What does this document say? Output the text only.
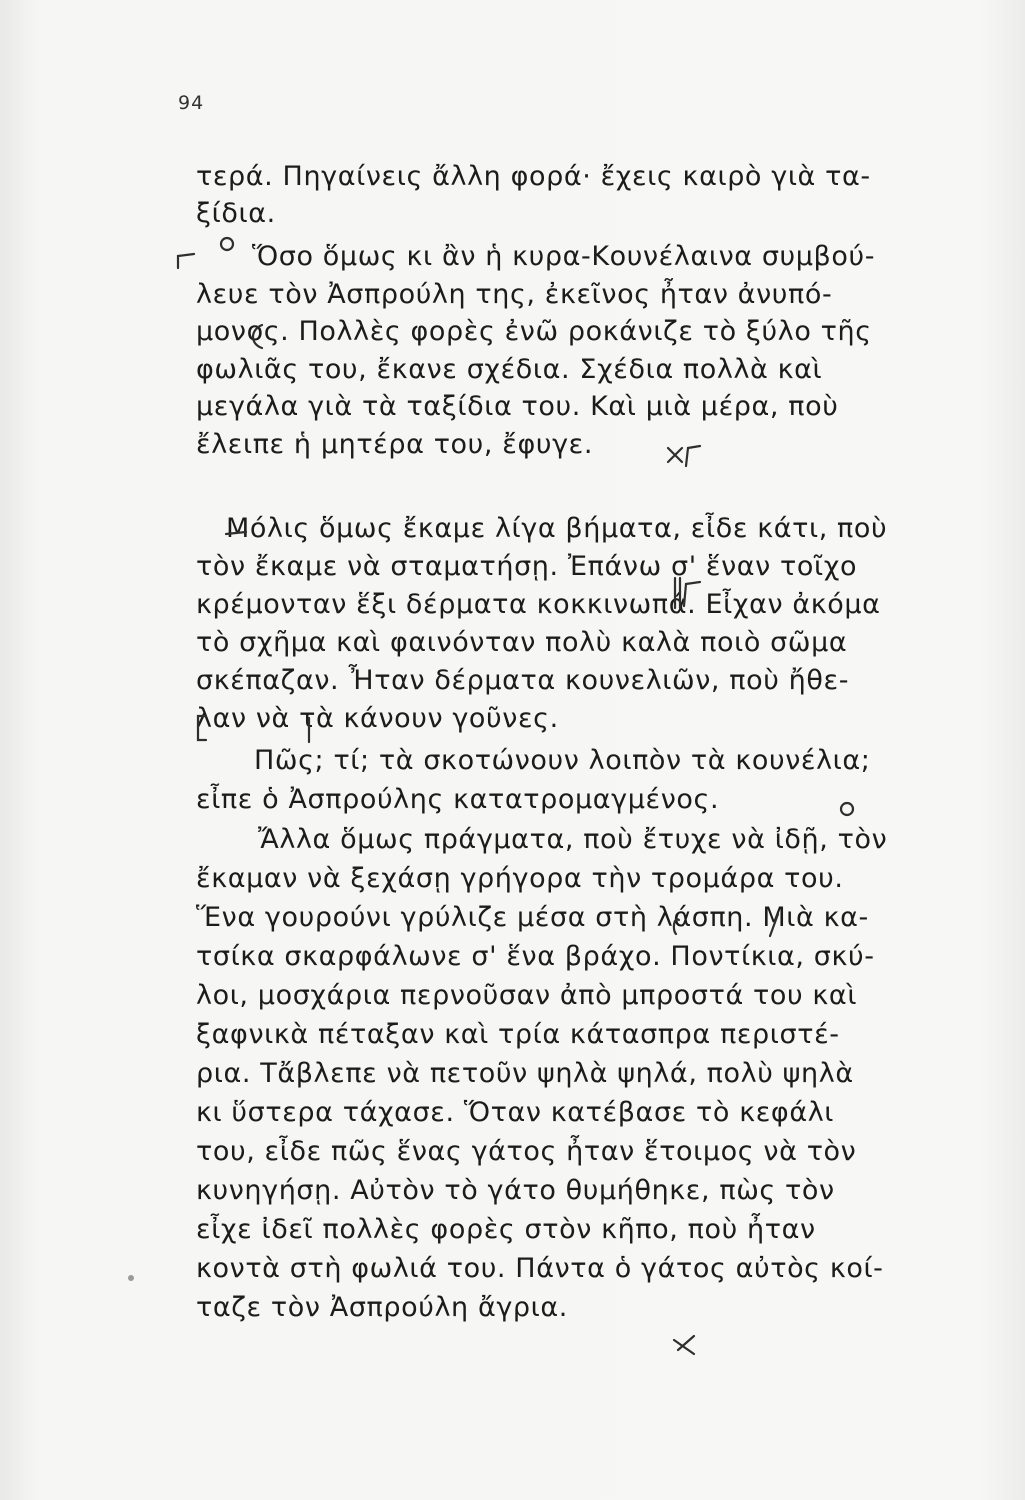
94
τερά. Πηγαίνεις ἄλλη φορά· ἔχεις καιρὸ γιὰ τα-
ξίδια.
Ὅσο ὅμως κι ἂν ἡ κυρα-Κουνέλαινα συμβού-
λευε τὸν Ἀσπρούλη της, ἐκεῖνος ἦταν ἀνυπό-
μονος. Πολλὲς φορὲς ἐνῶ ροκάνιζε τὸ ξύλο τῆς
φωλιᾶς του, ἔκανε σχέδια. Σχέδια πολλὰ καὶ
μεγάλα γιὰ τὰ ταξίδια του. Καὶ μιὰ μέρα, ποὺ
ἔλειπε ἡ μητέρα του, ἔφυγε.
Μόλις ὅμως ἔκαμε λίγα βήματα, εἶδε κάτι, ποὺ
τὸν ἔκαμε νὰ σταματήσῃ. Ἐπάνω σ' ἕναν τοῖχο
κρέμονταν ἕξι δέρματα κοκκινωπά. Εἶχαν ἀκόμα
τὸ σχῆμα καὶ φαινόνταν πολὺ καλὰ ποιὸ σῶμα
σκέπαζαν. Ἦταν δέρματα κουνελιῶν, ποὺ ἤθε-
λαν νὰ τὰ κάνουν γοῦνες.
Πῶς; τί; τὰ σκοτώνουν λοιπὸν τὰ κουνέλια;
εἶπε ὁ Ἀσπρούλης κατατρομαγμένος.
Ἄλλα ὅμως πράγματα, ποὺ ἔτυχε νὰ ἰδῇ, τὸν
ἔκαμαν νὰ ξεχάσῃ γρήγορα τὴν τρομάρα του.
Ἕνα γουρούνι γρύλιζε μέσα στὴ λάσπη. Μιὰ κα-
τσίκα σκαρφάλωνε σ' ἕνα βράχο. Ποντίκια, σκύ-
λοι, μοσχάρια περνοῦσαν ἀπὸ μπροστά του καὶ
ξαφνικὰ πέταξαν καὶ τρία κάτασπρα περιστέ-
ρια. Τἄβλεπε νὰ πετοῦν ψηλὰ ψηλά, πολὺ ψηλὰ
κι ὕστερα τάχασε. Ὅταν κατέβασε τὸ κεφάλι
του, εἶδε πῶς ἕνας γάτος ἦταν ἕτοιμος νὰ τὸν
κυνηγήσῃ. Αὐτὸν τὸ γάτο θυμήθηκε, πὼς τὸν
εἶχε ἰδεῖ πολλὲς φορὲς στὸν κῆπο, ποὺ ἦταν
κοντὰ στὴ φωλιά του. Πάντα ὁ γάτος αὐτὸς κοί-
ταζε τὸν Ἀσπρούλη ἄγρια.
